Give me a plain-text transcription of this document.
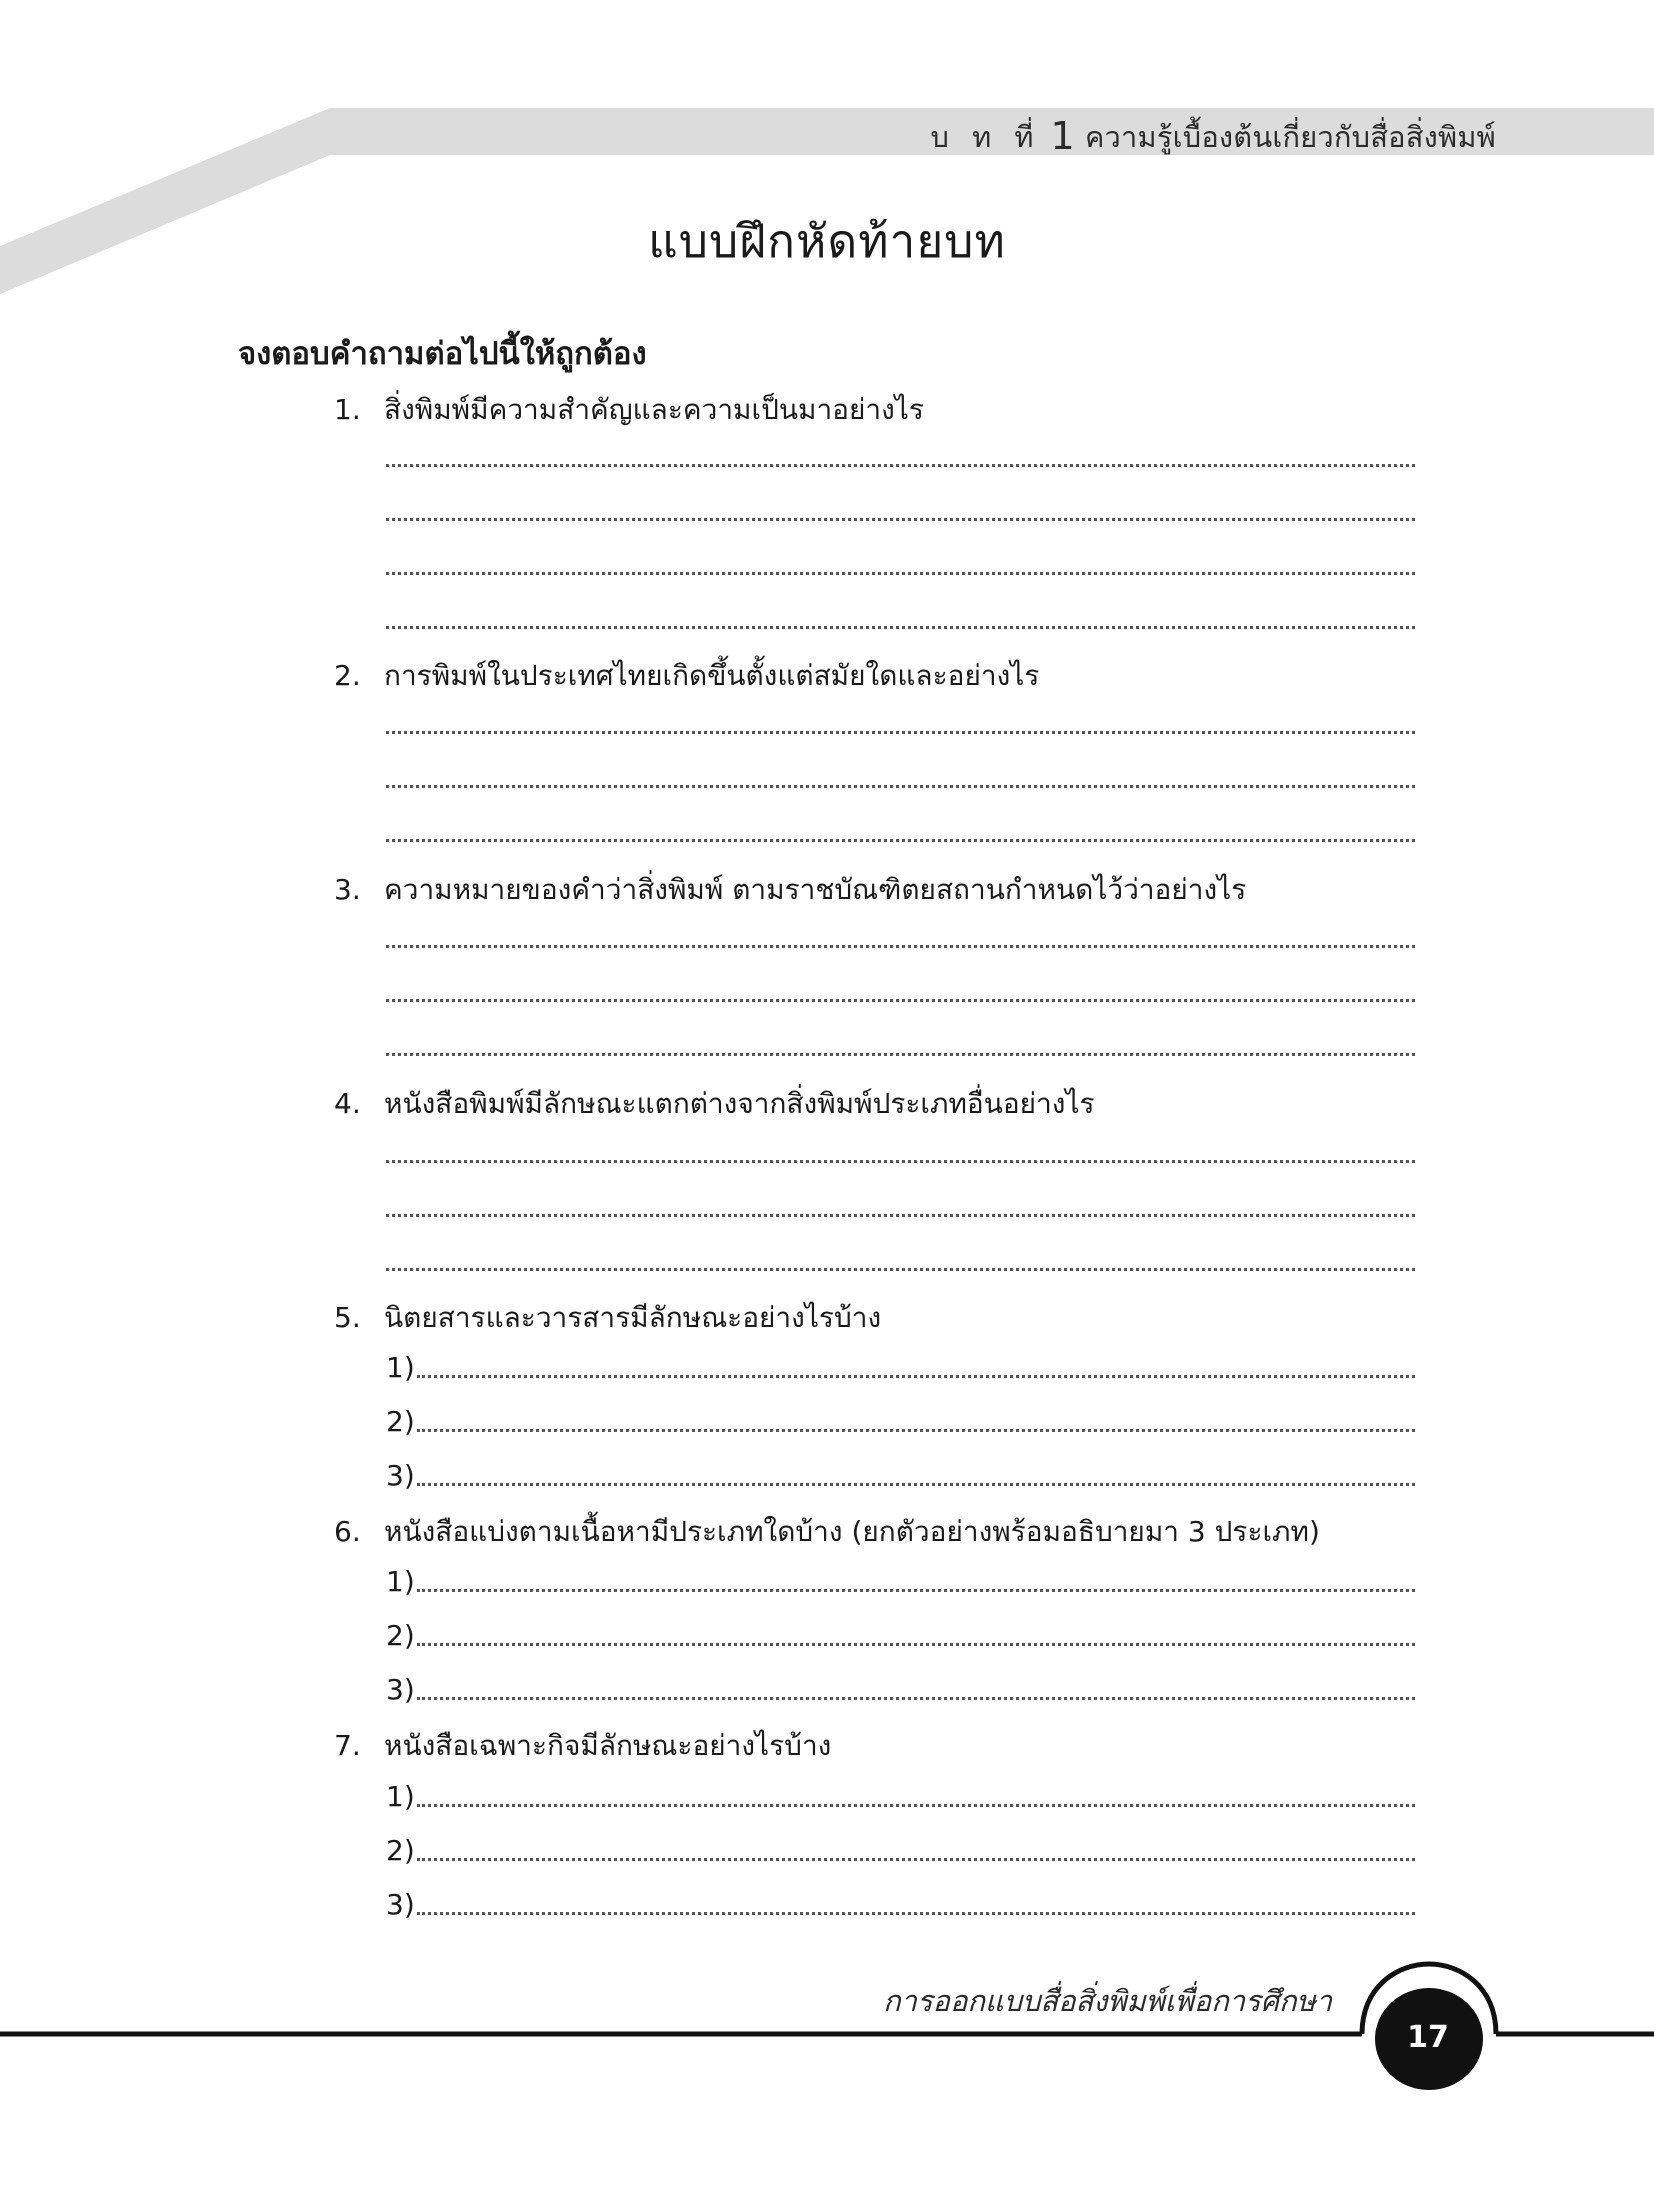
บ ท ที่ 1 ความรู้เบื้องต้นเกี่ยวกับสื่อสิ่งพิมพ์
แบบฝึกหัดท้ายบท
จงตอบคำถามต่อไปนี้ให้ถูกต้อง
1. สิ่งพิมพ์มีความสำคัญและความเป็นมาอย่างไร
2. การพิมพ์ในประเทศไทยเกิดขึ้นตั้งแต่สมัยใดและอย่างไร
3. ความหมายของคำว่าสิ่งพิมพ์ ตามราชบัณฑิตยสถานกำหนดไว้ว่าอย่างไร
4. หนังสือพิมพ์มีลักษณะแตกต่างจากสิ่งพิมพ์ประเภทอื่นอย่างไร
5. นิตยสารและวารสารมีลักษณะอย่างไรบ้าง
1)
2)
3)
6. หนังสือแบ่งตามเนื้อหามีประเภทใดบ้าง (ยกตัวอย่างพร้อมอธิบายมา 3 ประเภท)
1)
2)
3)
7. หนังสือเฉพาะกิจมีลักษณะอย่างไรบ้าง
1)
2)
3)
การออกแบบสื่อสิ่งพิมพ์เพื่อการศึกษา
17
